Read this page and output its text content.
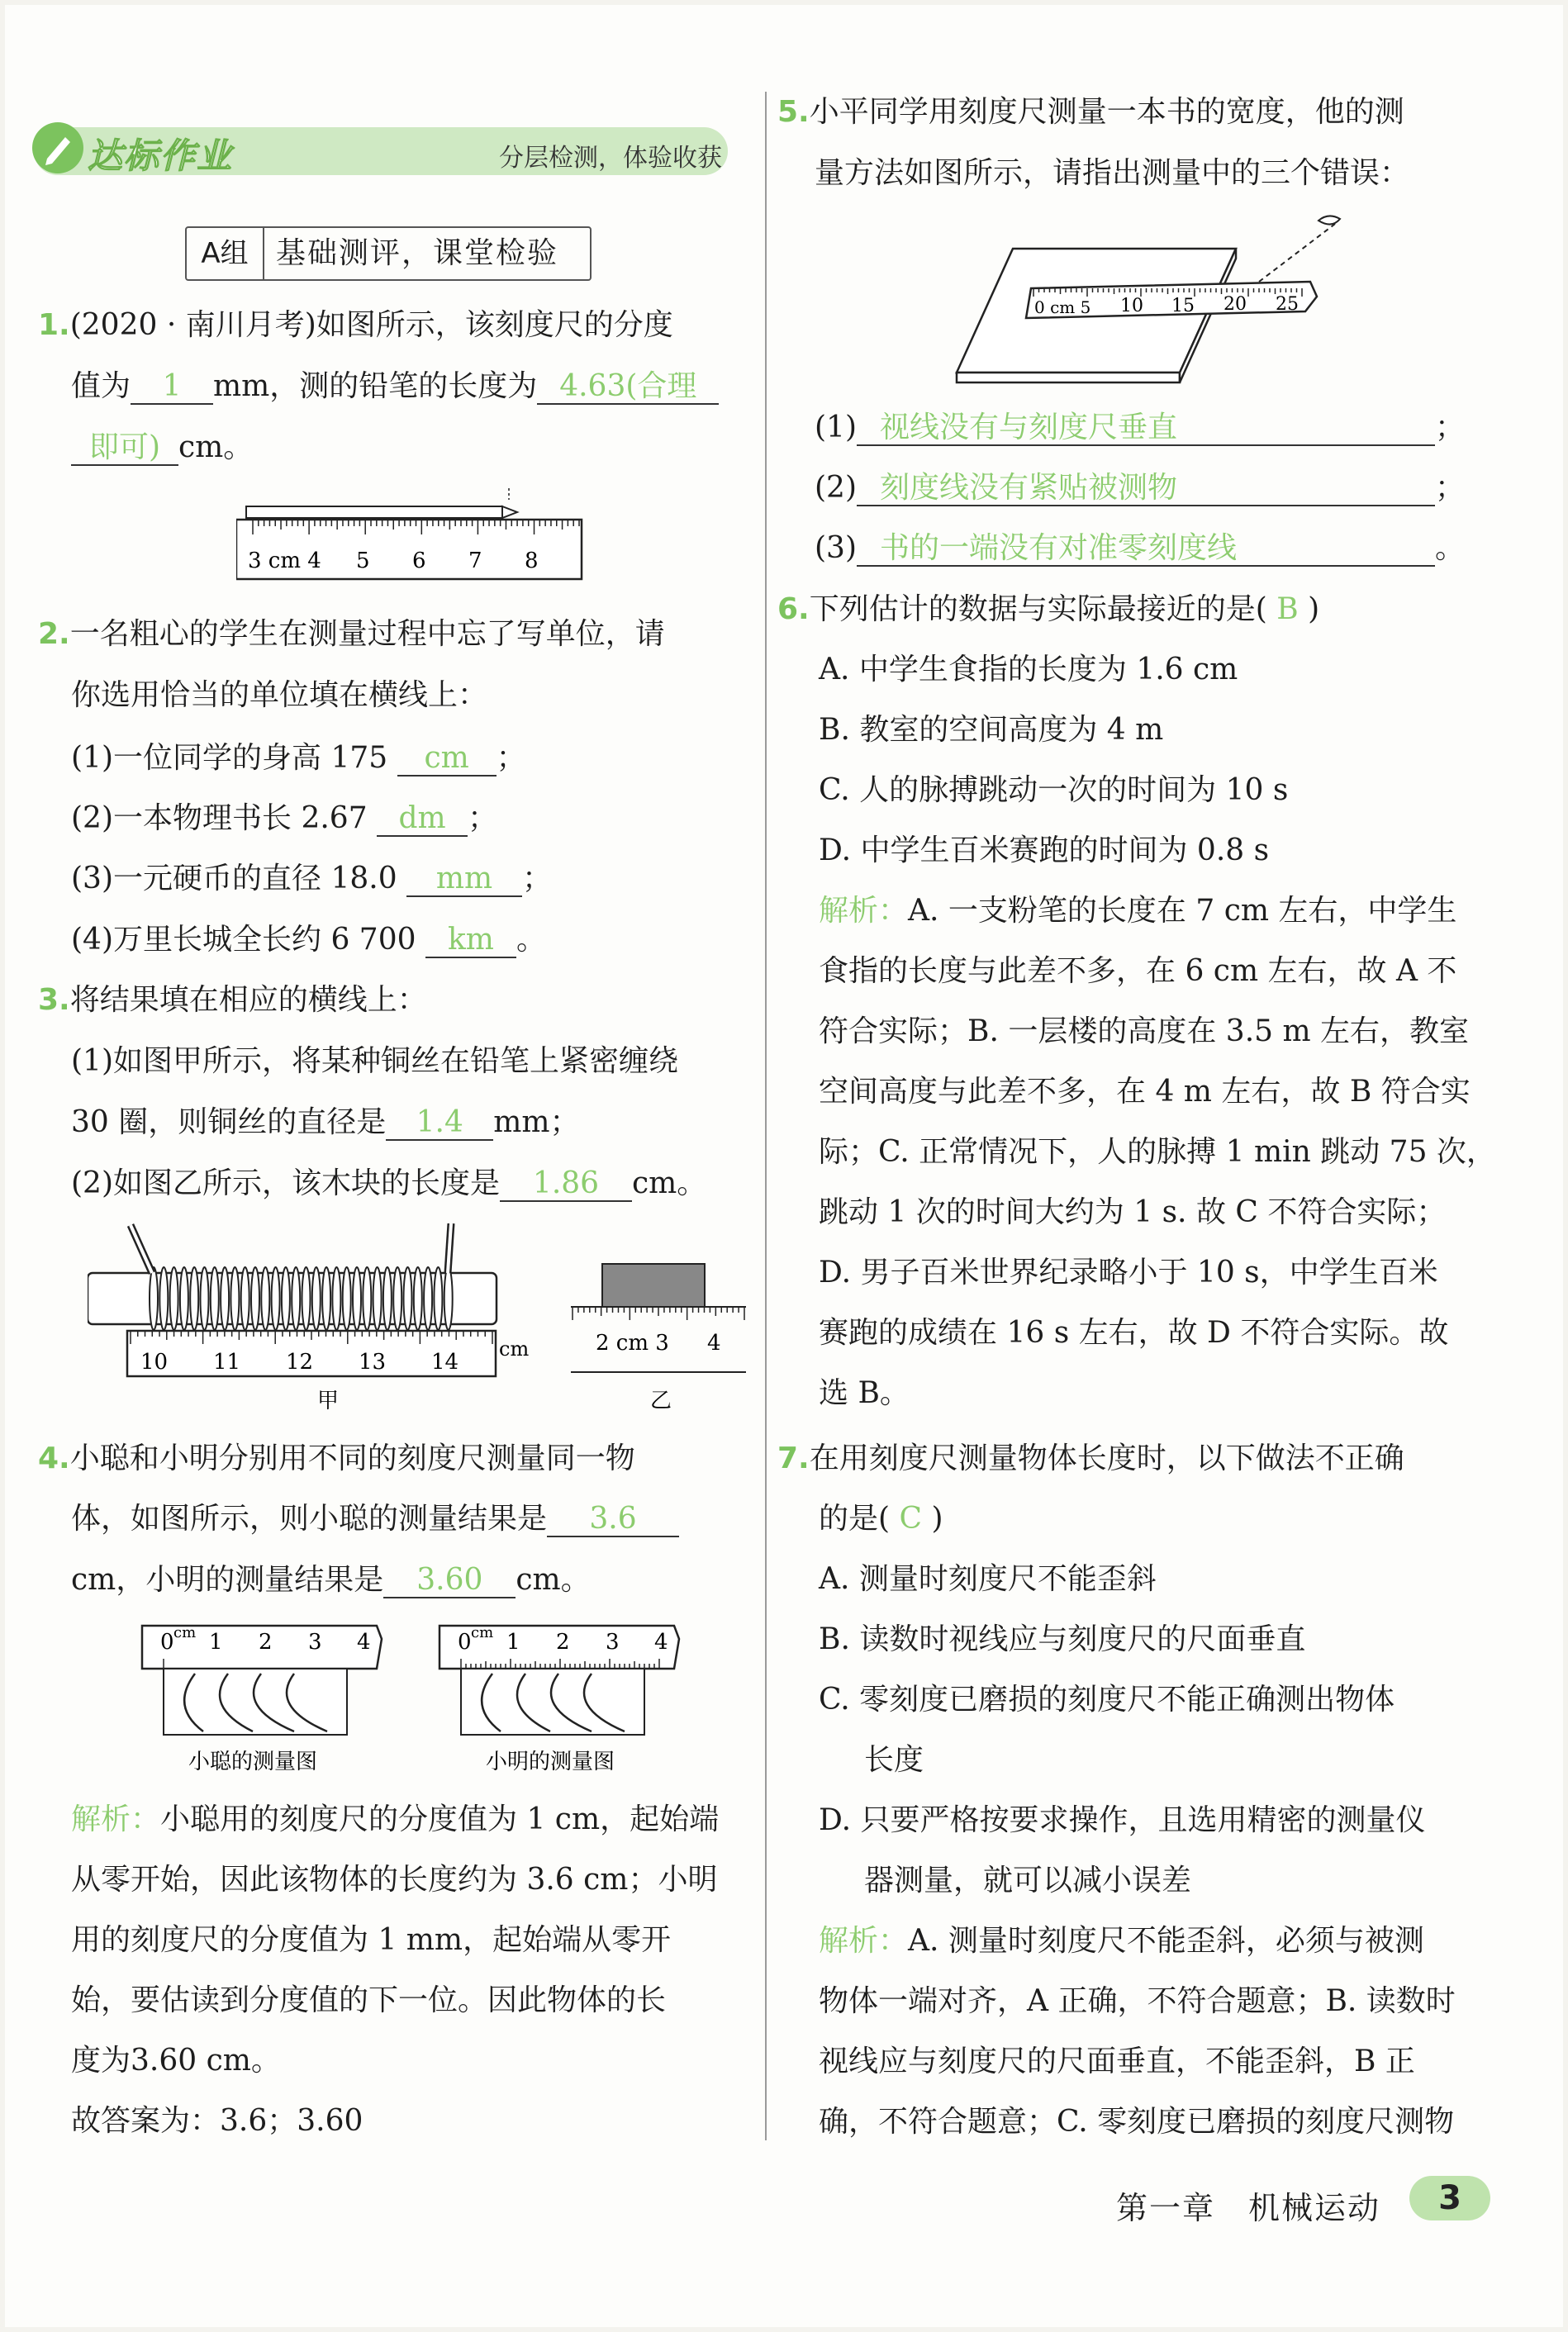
达标作业	分层检测，体验收获
A组 基础测评，课堂检验
1.(2020 · 南川月考)如图所示，该刻度尺的分度
值为 1 mm，测的铅笔的长度为 4.63(合理
即可) cm。
3 cm 4 5 6 7 8
2.一名粗心的学生在测量过程中忘了写单位，请
你选用恰当的单位填在横线上：
(1)一位同学的身高 175 cm ；
(2)一本物理书长 2.67 dm ；
(3)一元硬币的直径 18.0 mm ；
(4)万里长城全长约 6 700 km 。
3.将结果填在相应的横线上：
(1)如图甲所示，将某种铜丝在铅笔上紧密缠绕
30 圈，则铜丝的直径是 1.4 mm；
(2)如图乙所示，该木块的长度是 1.86 cm。
10 11 12 13 14
cm
甲
2 cm 3 4
乙
4.小聪和小明分别用不同的刻度尺测量同一物
体，如图所示，则小聪的测量结果是 3.6
cm，小明的测量结果是 3.60 cm。
0 cm 1 2 3 4
小聪的测量图
0 cm 1 2 3 4
小明的测量图
解析：小聪用的刻度尺的分度值为 1 cm，起始端
从零开始，因此该物体的长度约为 3.6 cm；小明
用的刻度尺的分度值为 1 mm，起始端从零开
始，要估读到分度值的下一位。因此物体的长
度为3.60 cm。
故答案为：3.6；3.60
5.小平同学用刻度尺测量一本书的宽度，他的测
量方法如图所示，请指出测量中的三个错误：
0 cm 5 10 15 20 25
(1) 视线没有与刻度尺垂直	；
(2) 刻度线没有紧贴被测物	；
(3) 书的一端没有对准零刻度线	。
6.下列估计的数据与实际最接近的是( B )
A. 中学生食指的长度为 1.6 cm
B. 教室的空间高度为 4 m
C. 人的脉搏跳动一次的时间为 10 s
D. 中学生百米赛跑的时间为 0.8 s
解析：A. 一支粉笔的长度在 7 cm 左右，中学生
食指的长度与此差不多，在 6 cm 左右，故 A 不
符合实际；B. 一层楼的高度在 3.5 m 左右，教室
空间高度与此差不多，在 4 m 左右，故 B 符合实
际；C. 正常情况下，人的脉搏 1 min 跳动 75 次，
跳动 1 次的时间大约为 1 s. 故 C 不符合实际；
D. 男子百米世界纪录略小于 10 s，中学生百米
赛跑的成绩在 16 s 左右，故 D 不符合实际。故
选 B。
7.在用刻度尺测量物体长度时，以下做法不正确
的是( C )
A. 测量时刻度尺不能歪斜
B. 读数时视线应与刻度尺的尺面垂直
C. 零刻度已磨损的刻度尺不能正确测出物体
长度
D. 只要严格按要求操作，且选用精密的测量仪
器测量，就可以减小误差
解析：A. 测量时刻度尺不能歪斜，必须与被测
物体一端对齐，A 正确，不符合题意；B. 读数时
视线应与刻度尺的尺面垂直，不能歪斜，B 正
确，不符合题意；C. 零刻度已磨损的刻度尺测物
第一章　机械运动	3
